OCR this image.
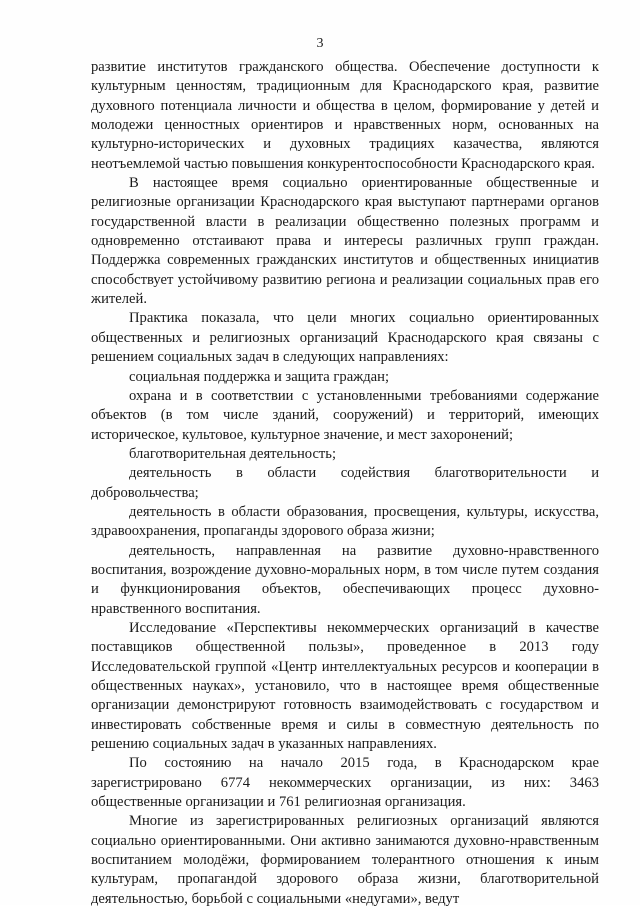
3

развитие институтов гражданского общества. Обеспечение доступности к культурным ценностям, традиционным для Краснодарского края, развитие духовного потенциала личности и общества в целом, формирование у детей и молодежи ценностных ориентиров и нравственных норм, основанных на культурно-исторических и духовных традициях казачества, являются неотъемлемой частью повышения конкурентоспособности Краснодарского края.

В настоящее время социально ориентированные общественные и религиозные организации Краснодарского края выступают партнерами органов государственной власти в реализации общественно полезных программ и одновременно отстаивают права и интересы различных групп граждан. Поддержка современных гражданских институтов и общественных инициатив способствует устойчивому развитию региона и реализации социальных прав его жителей.

Практика показала, что цели многих социально ориентированных общественных и религиозных организаций Краснодарского края связаны с решением социальных задач в следующих направлениях:

социальная поддержка и защита граждан;

охрана и в соответствии с установленными требованиями содержание объектов (в том числе зданий, сооружений) и территорий, имеющих историческое, культовое, культурное значение, и мест захоронений;

благотворительная деятельность;

деятельность в области содействия благотворительности и добровольчества;

деятельность в области образования, просвещения, культуры, искусства, здравоохранения, пропаганды здорового образа жизни;

деятельность, направленная на развитие духовно-нравственного воспитания, возрождение духовно-моральных норм, в том числе путем создания и функционирования объектов, обеспечивающих процесс духовно-нравственного воспитания.

Исследование «Перспективы некоммерческих организаций в качестве поставщиков общественной пользы», проведенное в 2013 году Исследовательской группой «Центр интеллектуальных ресурсов и кооперации в общественных науках», установило, что в настоящее время общественные организации демонстрируют готовность взаимодействовать с государством и инвестировать собственные время и силы в совместную деятельность по решению социальных задач в указанных направлениях.

По состоянию на начало 2015 года, в Краснодарском крае зарегистрировано 6774 некоммерческих организации, из них: 3463 общественные организации и 761 религиозная организация.

Многие из зарегистрированных религиозных организаций являются социально ориентированными. Они активно занимаются духовно-нравственным воспитанием молодёжи, формированием толерантного отношения к иным культурам, пропагандой здорового образа жизни, благотворительной деятельностью, борьбой с социальными «недугами», ведут
